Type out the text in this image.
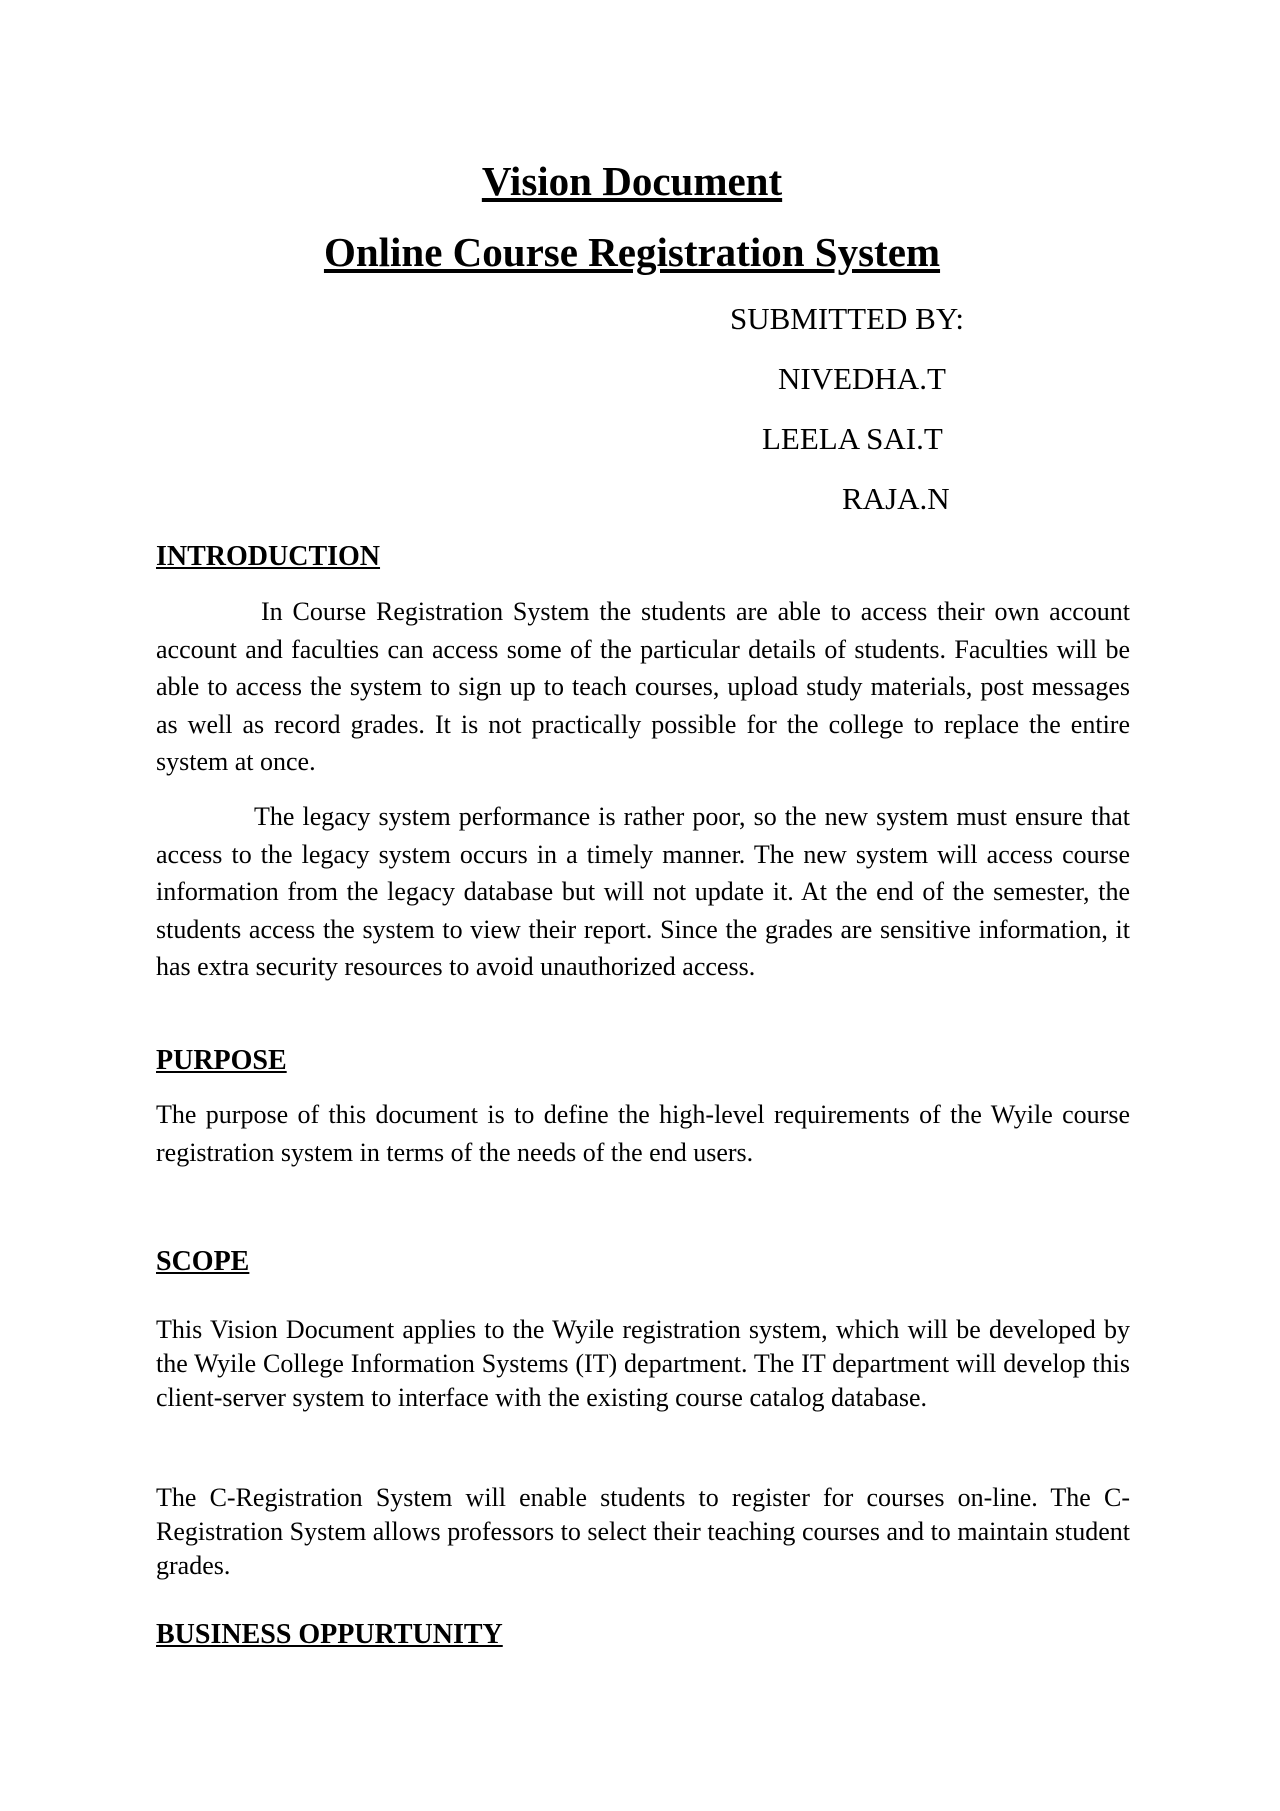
Vision Document
Online Course Registration System
SUBMITTED BY:
NIVEDHA.T
LEELA SAI.T
RAJA.N
INTRODUCTION

In Course Registration System the students are able to access their own account account and faculties can access some of the particular details of students. Faculties will be able to access the system to sign up to teach courses, upload study materials, post messages as well as record grades. It is not practically possible for the college to replace the entire system at once.

The legacy system performance is rather poor, so the new system must ensure that access to the legacy system occurs in a timely manner. The new system will access course information from the legacy database but will not update it. At the end of the semester, the students access the system to view their report. Since the grades are sensitive information, it has extra security resources to avoid unauthorized access.

PURPOSE

The purpose of this document is to define the high-level requirements of the Wyile course registration system in terms of the needs of the end users.

SCOPE

This Vision Document applies to the Wyile registration system, which will be developed by the Wyile College Information Systems (IT) department. The IT department will develop this client-server system to interface with the existing course catalog database.

The C-Registration System will enable students to register for courses on-line. The C-Registration System allows professors to select their teaching courses and to maintain student grades.

BUSINESS OPPURTUNITY
